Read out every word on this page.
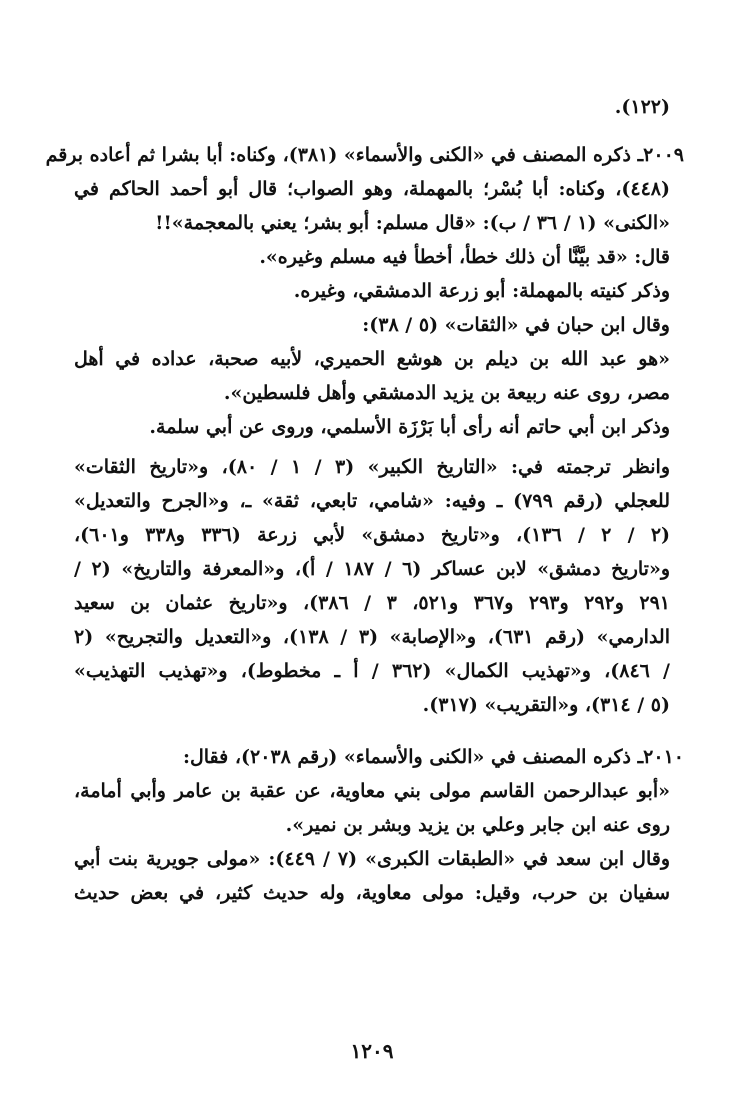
(١٢٢).
٢٠٠٩ـ ذكره المصنف في «الكنى والأسماء» (٣٨١)، وكناه: أبا بشرا ثم أعاده برقم
(٤٤٨)، وكناه: أبا بُسْر؛ بالمهملة، وهو الصواب؛ قال أبو أحمد الحاكم في
«الكنى» (١ / ٣٦ / ب): «قال مسلم: أبو بشر؛ يعني بالمعجمة»!!
قال: «قد بيَّنَّا أن ذلك خطأ، أخطأ فيه مسلم وغيره».
وذكر كنيته بالمهملة: أبو زرعة الدمشقي، وغيره.
وقال ابن حبان في «الثقات» (٥ / ٣٨):
«هو عبد الله بن ديلم بن هوشع الحميري، لأبيه صحبة، عداده في أهل
مصر، روى عنه ربيعة بن يزيد الدمشقي وأهل فلسطين».
وذكر ابن أبي حاتم أنه رأى أبا بَرْزَة الأسلمي، وروى عن أبي سلمة.
وانظر ترجمته في: «التاريخ الكبير» (٣ / ١ / ٨٠)، و«تاريخ الثقات»
للعجلي (رقم ٧٩٩) ـ وفيه: «شامي، تابعي، ثقة» ـ، و«الجرح والتعديل»
(٢ / ٢ / ١٣٦)، و«تاريخ دمشق» لأبي زرعة (٣٣٦ و٣٣٨ و٦٠١)،
و«تاريخ دمشق» لابن عساكر (٦ / ١٨٧ / أ)، و«المعرفة والتاريخ» (٢ /
٢٩١ و٢٩٢ و٢٩٣ و٣٦٧ و٥٢١، ٣ / ٣٨٦)، و«تاريخ عثمان بن سعيد
الدارمي» (رقم ٦٣١)، و«الإصابة» (٣ / ١٣٨)، و«التعديل والتجريح» (٢
/ ٨٤٦)، و«تهذيب الكمال» (٣٦٢ / أ ـ مخطوط)، و«تهذيب التهذيب»
(٥ / ٣١٤)، و«التقريب» (٣١٧).
٢٠١٠ـ ذكره المصنف في «الكنى والأسماء» (رقم ٢٠٣٨)، فقال:
«أبو عبدالرحمن القاسم مولى بني معاوية، عن عقبة بن عامر وأبي أمامة،
روى عنه ابن جابر وعلي بن يزيد وبشر بن نمير».
وقال ابن سعد في «الطبقات الكبرى» (٧ / ٤٤٩): «مولى جويرية بنت أبي
سفيان بن حرب، وقيل: مولى معاوية، وله حديث كثير، في بعض حديث
١٢٠٩
